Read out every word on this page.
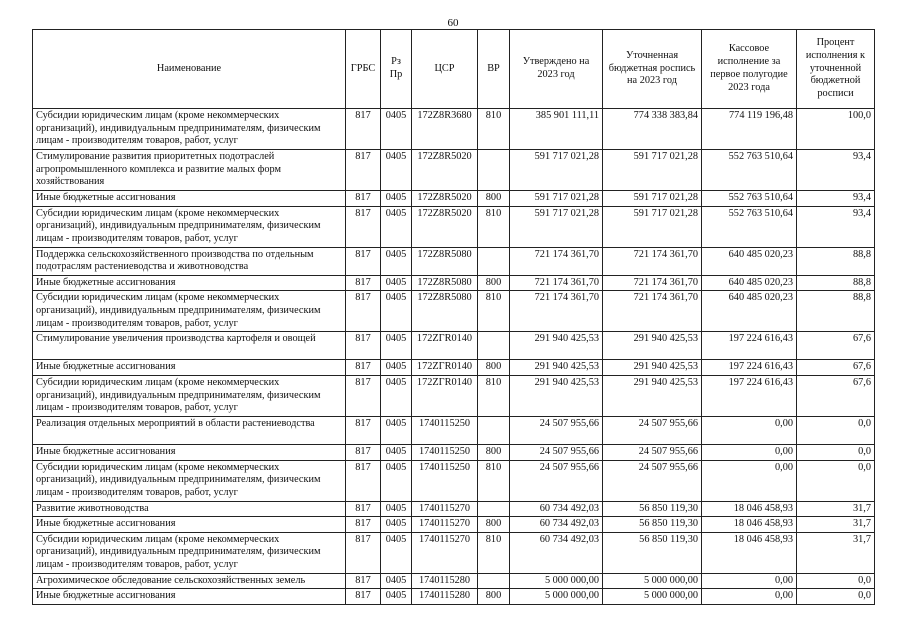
60
Наименование	ГРБС	Рз Пр	ЦСР	ВР	Утверждено на 2023 год	Уточненная бюджетная роспись на 2023 год	Кассовое исполнение за первое полугодие 2023 года	Процент исполнения к уточненной бюджетной росписи
Субсидии юридическим лицам (кроме некоммерческих организаций), индивидуальным предпринимателям, физическим лицам - производителям товаров, работ, услуг	817	0405	172Z8R3680	810	385 901 111,11	774 338 383,84	774 119 196,48	100,0
Стимулирование развития приоритетных подотраслей агропромышленного комплекса и развитие малых форм хозяйствования	817	0405	172Z8R5020		591 717 021,28	591 717 021,28	552 763 510,64	93,4
Иные бюджетные ассигнования	817	0405	172Z8R5020	800	591 717 021,28	591 717 021,28	552 763 510,64	93,4
Субсидии юридическим лицам (кроме некоммерческих организаций), индивидуальным предпринимателям, физическим лицам - производителям товаров, работ, услуг	817	0405	172Z8R5020	810	591 717 021,28	591 717 021,28	552 763 510,64	93,4
Поддержка сельскохозяйственного производства по отдельным подотраслям растениеводства и животноводства	817	0405	172Z8R5080		721 174 361,70	721 174 361,70	640 485 020,23	88,8
Иные бюджетные ассигнования	817	0405	172Z8R5080	800	721 174 361,70	721 174 361,70	640 485 020,23	88,8
Субсидии юридическим лицам (кроме некоммерческих организаций), индивидуальным предпринимателям, физическим лицам - производителям товаров, работ, услуг	817	0405	172Z8R5080	810	721 174 361,70	721 174 361,70	640 485 020,23	88,8
Стимулирование увеличения производства картофеля и овощей	817	0405	172ZГR0140		291 940 425,53	291 940 425,53	197 224 616,43	67,6
Иные бюджетные ассигнования	817	0405	172ZГR0140	800	291 940 425,53	291 940 425,53	197 224 616,43	67,6
Субсидии юридическим лицам (кроме некоммерческих организаций), индивидуальным предпринимателям, физическим лицам - производителям товаров, работ, услуг	817	0405	172ZГR0140	810	291 940 425,53	291 940 425,53	197 224 616,43	67,6
Реализация отдельных мероприятий в области растениеводства	817	0405	1740115250		24 507 955,66	24 507 955,66	0,00	0,0
Иные бюджетные ассигнования	817	0405	1740115250	800	24 507 955,66	24 507 955,66	0,00	0,0
Субсидии юридическим лицам (кроме некоммерческих организаций), индивидуальным предпринимателям, физическим лицам - производителям товаров, работ, услуг	817	0405	1740115250	810	24 507 955,66	24 507 955,66	0,00	0,0
Развитие животноводства	817	0405	1740115270		60 734 492,03	56 850 119,30	18 046 458,93	31,7
Иные бюджетные ассигнования	817	0405	1740115270	800	60 734 492,03	56 850 119,30	18 046 458,93	31,7
Субсидии юридическим лицам (кроме некоммерческих организаций), индивидуальным предпринимателям, физическим лицам - производителям товаров, работ, услуг	817	0405	1740115270	810	60 734 492,03	56 850 119,30	18 046 458,93	31,7
Агрохимическое обследование сельскохозяйственных земель	817	0405	1740115280		5 000 000,00	5 000 000,00	0,00	0,0
Иные бюджетные ассигнования	817	0405	1740115280	800	5 000 000,00	5 000 000,00	0,00	0,0
